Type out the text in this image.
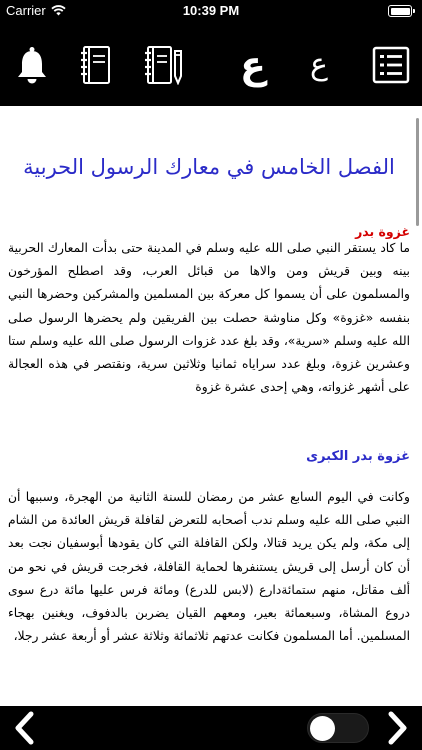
Carrier	10:39 PM
ع ع
الفصل الخامس في معارك الرسول الحربية
غزوة بدر

ما كاد يستقر النبي صلى الله عليه وسلم في المدينة حتى بدأت المعارك الحربية بينه وبين قريش ومن والاها من قبائل العرب، وقد اصطلح المؤرخون والمسلمون على أن يسموا كل معركة بين المسلمين والمشركين وحضرها النبي بنفسه «غزوة» وكل مناوشة حصلت بين الفريقين ولم يحضرها الرسول صلى الله عليه وسلم «سرية»، وقد بلغ عدد غزوات الرسول صلى الله عليه وسلم ستا وعشرين غزوة، وبلغ عدد سراياه ثمانيا وثلاثين سرية، ونقتصر في هذه العجالة على أشهر غزواته، وهي إحدى عشرة غزوة

غزوة بدر الكبرى

وكانت في اليوم السابع عشر من رمضان للسنة الثانية من الهجرة، وسببها أن النبي صلى الله عليه وسلم ندب أصحابه للتعرض لقافلة قريش العائدة من الشام إلى مكة، ولم يكن يريد قتالا، ولكن القافلة التي كان يقودها أبوسفيان نجت بعد أن كان أرسل إلى قريش يستنفرها لحماية القافلة، فخرجت قريش في نحو من ألف مقاتل، منهم ستمائةدارع (لابس للدرع) ومائة فرس عليها مائة درع سوى دروع المشاة، وسبعمائة بعير، ومعهم القيان يضربن بالدفوف، ويغنين بهجاء المسلمين. أما المسلمون فكانت عدتهم ثلاثمائة وثلاثة عشر أو أربعة عشر رجلا،
